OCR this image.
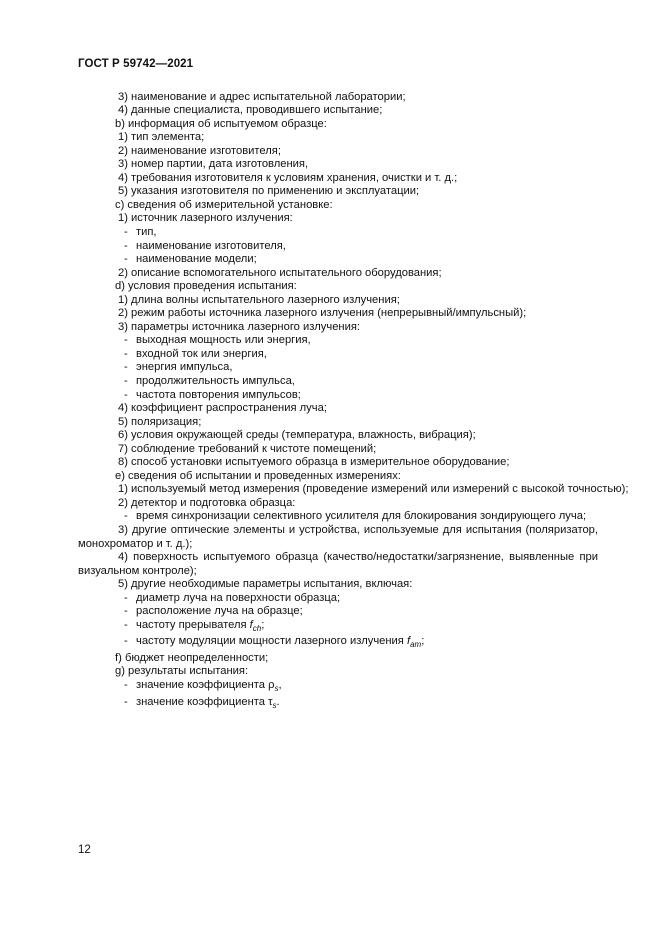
ГОСТ Р 59742—2021
3) наименование и адрес испытательной лаборатории;
4) данные специалиста, проводившего испытание;
b) информация об испытуемом образце:
1) тип элемента;
2) наименование изготовителя;
3) номер партии, дата изготовления,
4) требования изготовителя к условиям хранения, очистки и т. д.;
5) указания изготовителя по применению и эксплуатации;
c) сведения об измерительной установке:
1) источник лазерного излучения:
- тип,
- наименование изготовителя,
- наименование модели;
2) описание вспомогательного испытательного оборудования;
d) условия проведения испытания:
1) длина волны испытательного лазерного излучения;
2) режим работы источника лазерного излучения (непрерывный/импульсный);
3) параметры источника лазерного излучения:
- выходная мощность или энергия,
- входной ток или энергия,
- энергия импульса,
- продолжительность импульса,
- частота повторения импульсов;
4) коэффициент распространения луча;
5) поляризация;
6) условия окружающей среды (температура, влажность, вибрация);
7) соблюдение требований к чистоте помещений;
8) способ установки испытуемого образца в измерительное оборудование;
e) сведения об испытании и проведенных измерениях:
1) используемый метод измерения (проведение измерений или измерений с высокой точностью);
2) детектор и подготовка образца:
- время синхронизации селективного усилителя для блокирования зондирующего луча;
3) другие оптические элементы и устройства, используемые для испытания (поляризатор, монохроматор и т. д.);
4) поверхность испытуемого образца (качество/недостатки/загрязнение, выявленные при визуальном контроле);
5) другие необходимые параметры испытания, включая:
- диаметр луча на поверхности образца;
- расположение луча на образце;
- частоту прерывателя $f_{ch}$;
- частоту модуляции мощности лазерного излучения $f_{am}$;
f) бюджет неопределенности;
g) результаты испытания:
- значение коэффициента $\rho_s$,
- значение коэффициента $\tau_s$.
12
